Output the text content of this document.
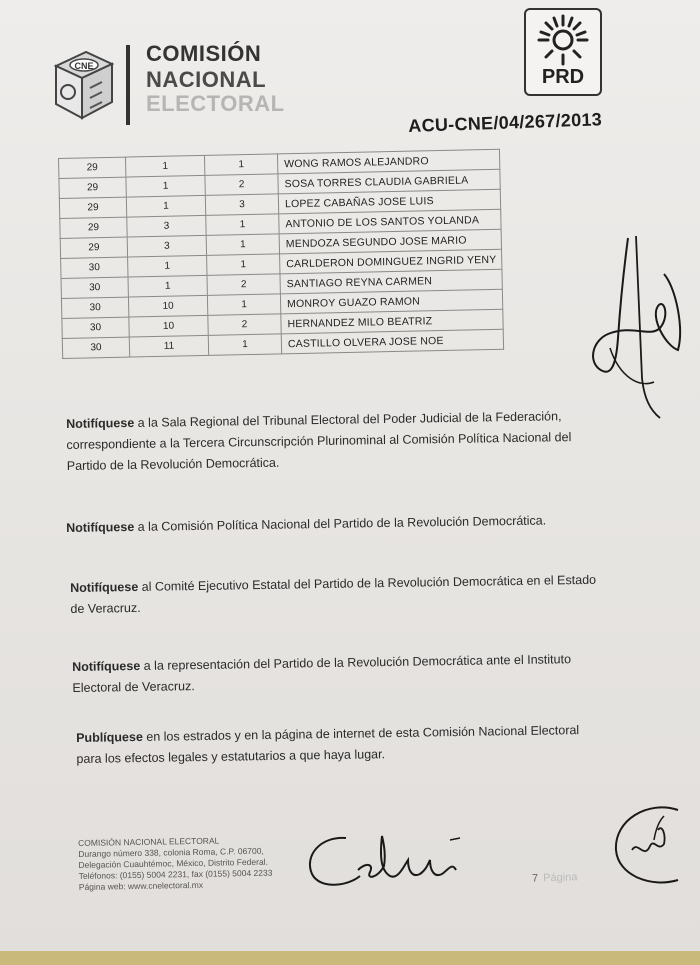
CNE COMISIÓN
NACIONAL
ELECTORAL
PRD
ACU-CNE/04/267/2013
29	1	1	WONG RAMOS ALEJANDRO
29	1	2	SOSA TORRES CLAUDIA GABRIELA
29	1	3	LOPEZ CABAÑAS JOSE LUIS
29	3	1	ANTONIO DE LOS SANTOS YOLANDA
29	3	1	MENDOZA SEGUNDO JOSE MARIO
30	1	1	CARLDERON DOMINGUEZ INGRID YENY
30	1	2	SANTIAGO REYNA CARMEN
30	10	1	MONROY GUAZO RAMON
30	10	2	HERNANDEZ MILO BEATRIZ
30	11	1	CASTILLO OLVERA JOSE NOE
Notifíquese a la Sala Regional del Tribunal Electoral del Poder Judicial de la Federación, correspondiente a la Tercera Circunscripción Plurinominal al Comisión Política Nacional del Partido de la Revolución Democrática.
Notifíquese a la Comisión Política Nacional del Partido de la Revolución Democrática.
Notifíquese al Comité Ejecutivo Estatal del Partido de la Revolución Democrática en el Estado de Veracruz.
Notifíquese a la representación del Partido de la Revolución Democrática ante el Instituto Electoral de Veracruz.
Publíquese en los estrados y en la página de internet de esta Comisión Nacional Electoral para los efectos legales y estatutarios a que haya lugar.
COMISIÓN NACIONAL ELECTORAL
Durango número 338, colonia Roma, C.P. 06700,
Delegación Cuauhtémoc, México, Distrito Federal.
Teléfonos: (0155) 5004 2231, fax (0155) 5004 2233
Página web: www.cnelectoral.mx
7 Página
